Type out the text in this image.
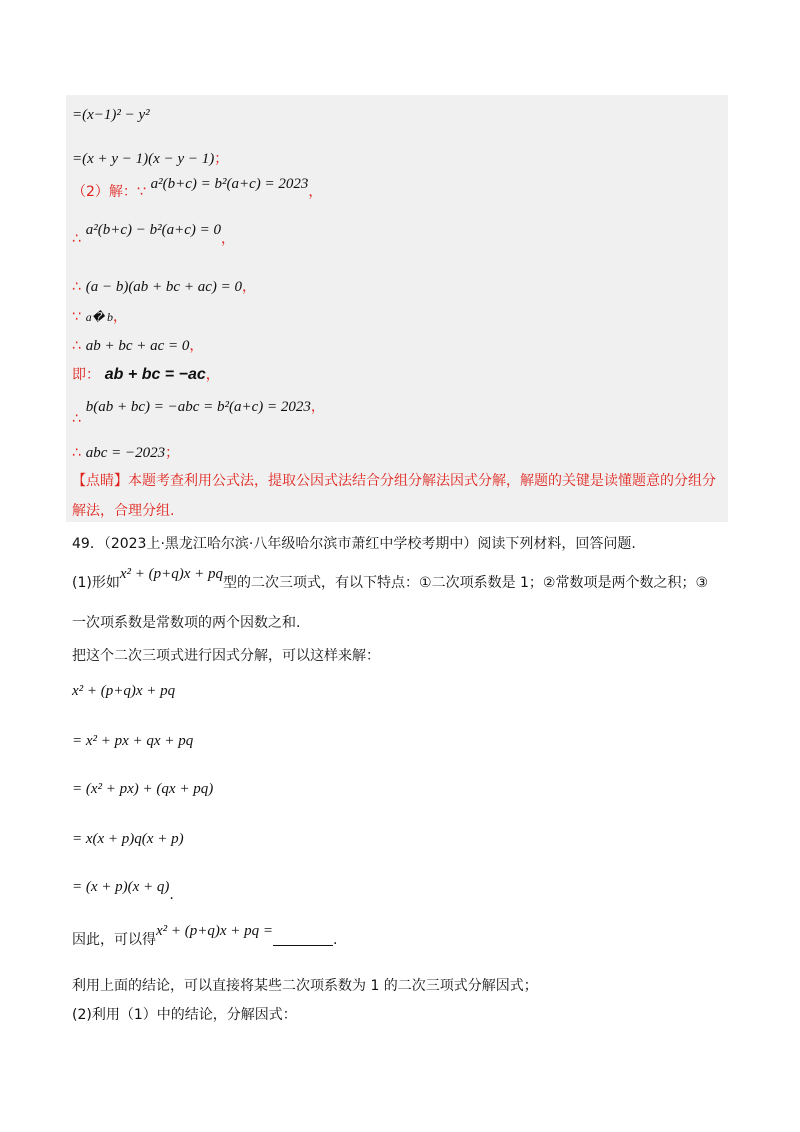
=(x−1)² − y²
=(x + y − 1)(x − y − 1)；
（2）解：∵ a²(b+c) = b²(a+c) = 2023，
∴ a²(b+c) − b²(a+c) = 0，
∴ (a − b)(ab + bc + ac) = 0，
∵ a� b，
∴ ab + bc + ac = 0，
即： ab + bc = −ac，
∴ b(ab + bc) = −abc = b²(a+c) = 2023，
∴ abc = −2023；
【点睛】本题考查利用公式法，提取公因式法结合分组分解法因式分解，解题的关键是读懂题意的分组分解法，合理分组.
49．（2023上·黑龙江哈尔滨·八年级哈尔滨市萧红中学校考期中）阅读下列材料，回答问题.
(1)形如x² + (p+q)x + pq型的二次三项式，有以下特点：①二次项系数是 1；②常数项是两个数之积；③
一次项系数是常数项的两个因数之和.
把这个二次三项式进行因式分解，可以这样来解：
x² + (p+q)x + pq
= x² + px + qx + pq
= (x² + px) + (qx + pq)
= x(x + p)q(x + p)
= (x + p)(x + q).
因此，可以得x² + (p+q)x + pq =.
利用上面的结论，可以直接将某些二次项系数为 1 的二次三项式分解因式；
(2)利用（1）中的结论，分解因式：
